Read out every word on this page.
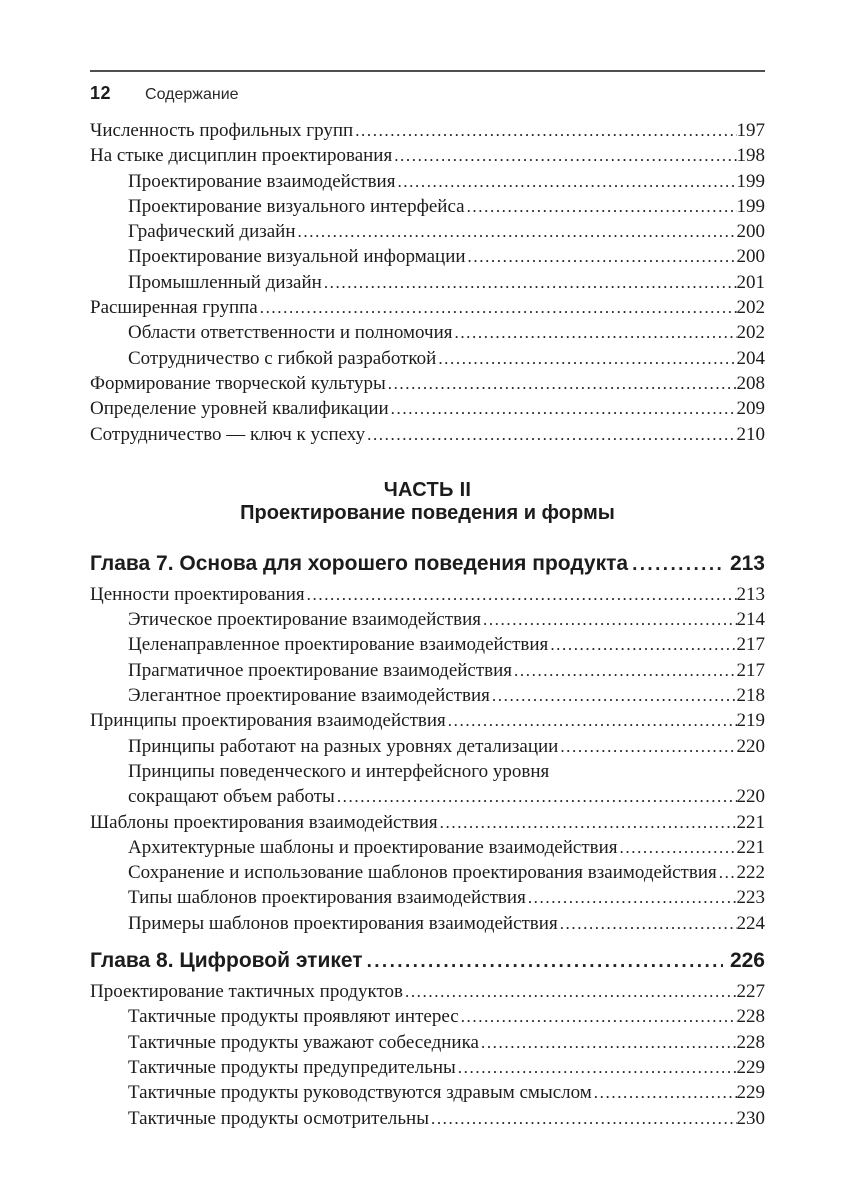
12 Содержание
Численность профильных групп .....	197
На стыке дисциплин проектирования .....	198
Проектирование взаимодействия .....	199
Проектирование визуального интерфейса .....	199
Графический дизайн .....	200
Проектирование визуальной информации .....	200
Промышленный дизайн .....	201
Расширенная группа .....	202
Области ответственности и полномочия .....	202
Сотрудничество с гибкой разработкой .....	204
Формирование творческой культуры .....	208
Определение уровней квалификации .....	209
Сотрудничество — ключ к успеху .....	210
ЧАСТЬ II
Проектирование поведения и формы
Глава 7. Основа для хорошего поведения продукта .....	213
Ценности проектирования .....	213
Этическое проектирование взаимодействия .....	214
Целенаправленное проектирование взаимодействия .....	217
Прагматичное проектирование взаимодействия .....	217
Элегантное проектирование взаимодействия .....	218
Принципы проектирования взаимодействия .....	219
Принципы работают на разных уровнях детализации .....	220
Принципы поведенческого и интерфейсного уровня
сокращают объем работы .....	220
Шаблоны проектирования взаимодействия .....	221
Архитектурные шаблоны и проектирование взаимодействия .....	221
Сохранение и использование шаблонов проектирования взаимодействия ..... 222
Типы шаблонов проектирования взаимодействия .....	223
Примеры шаблонов проектирования взаимодействия .....	224
Глава 8. Цифровой этикет .....	226
Проектирование тактичных продуктов .....	227
Тактичные продукты проявляют интерес .....	228
Тактичные продукты уважают собеседника .....	228
Тактичные продукты предупредительны .....	229
Тактичные продукты руководствуются здравым смыслом .....	229
Тактичные продукты осмотрительны .....	230
